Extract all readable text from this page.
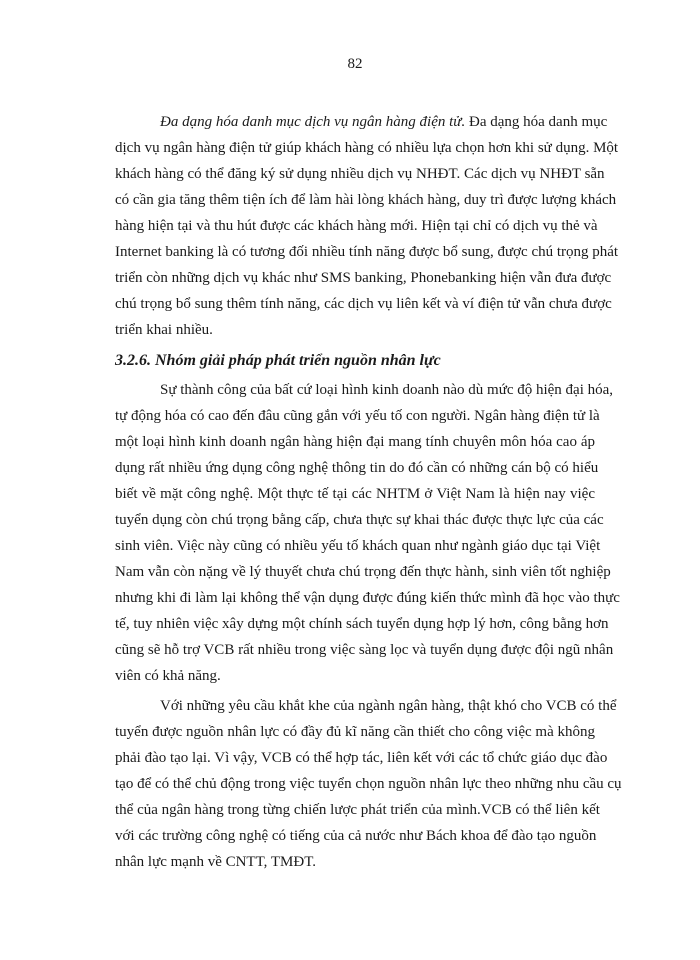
82
Đa dạng hóa danh mục dịch vụ ngân hàng điện tử. Đa dạng hóa danh mục
dịch vụ ngân hàng điện tử giúp khách hàng có nhiều lựa chọn hơn khi sử dụng. Một
khách hàng có thể đăng ký sử dụng nhiều dịch vụ NHĐT. Các dịch vụ NHĐT sẵn
có cần gia tăng thêm tiện ích để làm hài lòng khách hàng, duy trì được lượng khách
hàng hiện tại và thu hút được các khách hàng mới. Hiện tại chỉ có dịch vụ thẻ và
Internet banking là có tương đối nhiều tính năng được bổ sung, được chú trọng phát
triển còn những dịch vụ khác như SMS banking, Phonebanking hiện vẫn đưa được
chú trọng bổ sung thêm tính năng, các dịch vụ liên kết và ví điện tử vẫn chưa được
triển khai nhiều.
3.2.6. Nhóm giải pháp phát triển nguồn nhân lực
Sự thành công của bất cứ loại hình kinh doanh nào dù mức độ hiện đại hóa,
tự động hóa có cao đến đâu cũng gắn với yếu tố con người. Ngân hàng điện tử là
một loại hình kinh doanh ngân hàng hiện đại mang tính chuyên môn hóa cao áp
dụng rất nhiều ứng dụng công nghệ thông tin do đó cần có những cán bộ có hiểu
biết về mặt công nghệ. Một thực tế tại các NHTM ở Việt Nam là hiện nay việc
tuyển dụng còn chú trọng bằng cấp, chưa thực sự khai thác được thực lực của các
sinh viên. Việc này cũng có nhiều yếu tố khách quan như ngành giáo dục tại Việt
Nam vẫn còn nặng về lý thuyết chưa chú trọng đến thực hành, sinh viên tốt nghiệp
nhưng khi đi làm lại không thể vận dụng được đúng kiến thức mình đã học vào thực
tế, tuy nhiên việc xây dựng một chính sách tuyển dụng hợp lý hơn, công bằng hơn
cũng sẽ hỗ trợ VCB rất nhiều trong việc sàng lọc và tuyển dụng được đội ngũ nhân
viên có khả năng.
Với những yêu cầu khắt khe của ngành ngân hàng, thật khó cho VCB có thể
tuyển được nguồn nhân lực có đầy đủ kĩ năng cần thiết cho công việc mà không
phải đào tạo lại. Vì vậy, VCB có thể hợp tác, liên kết với các tổ chức giáo dục đào
tạo để có thể chủ động trong việc tuyển chọn nguồn nhân lực theo những nhu cầu cụ
thể của ngân hàng trong từng chiến lược phát triển của mình.VCB có thể liên kết
với các trường công nghệ có tiếng của cả nước như Bách khoa để đào tạo nguồn
nhân lực mạnh về CNTT, TMĐT.
